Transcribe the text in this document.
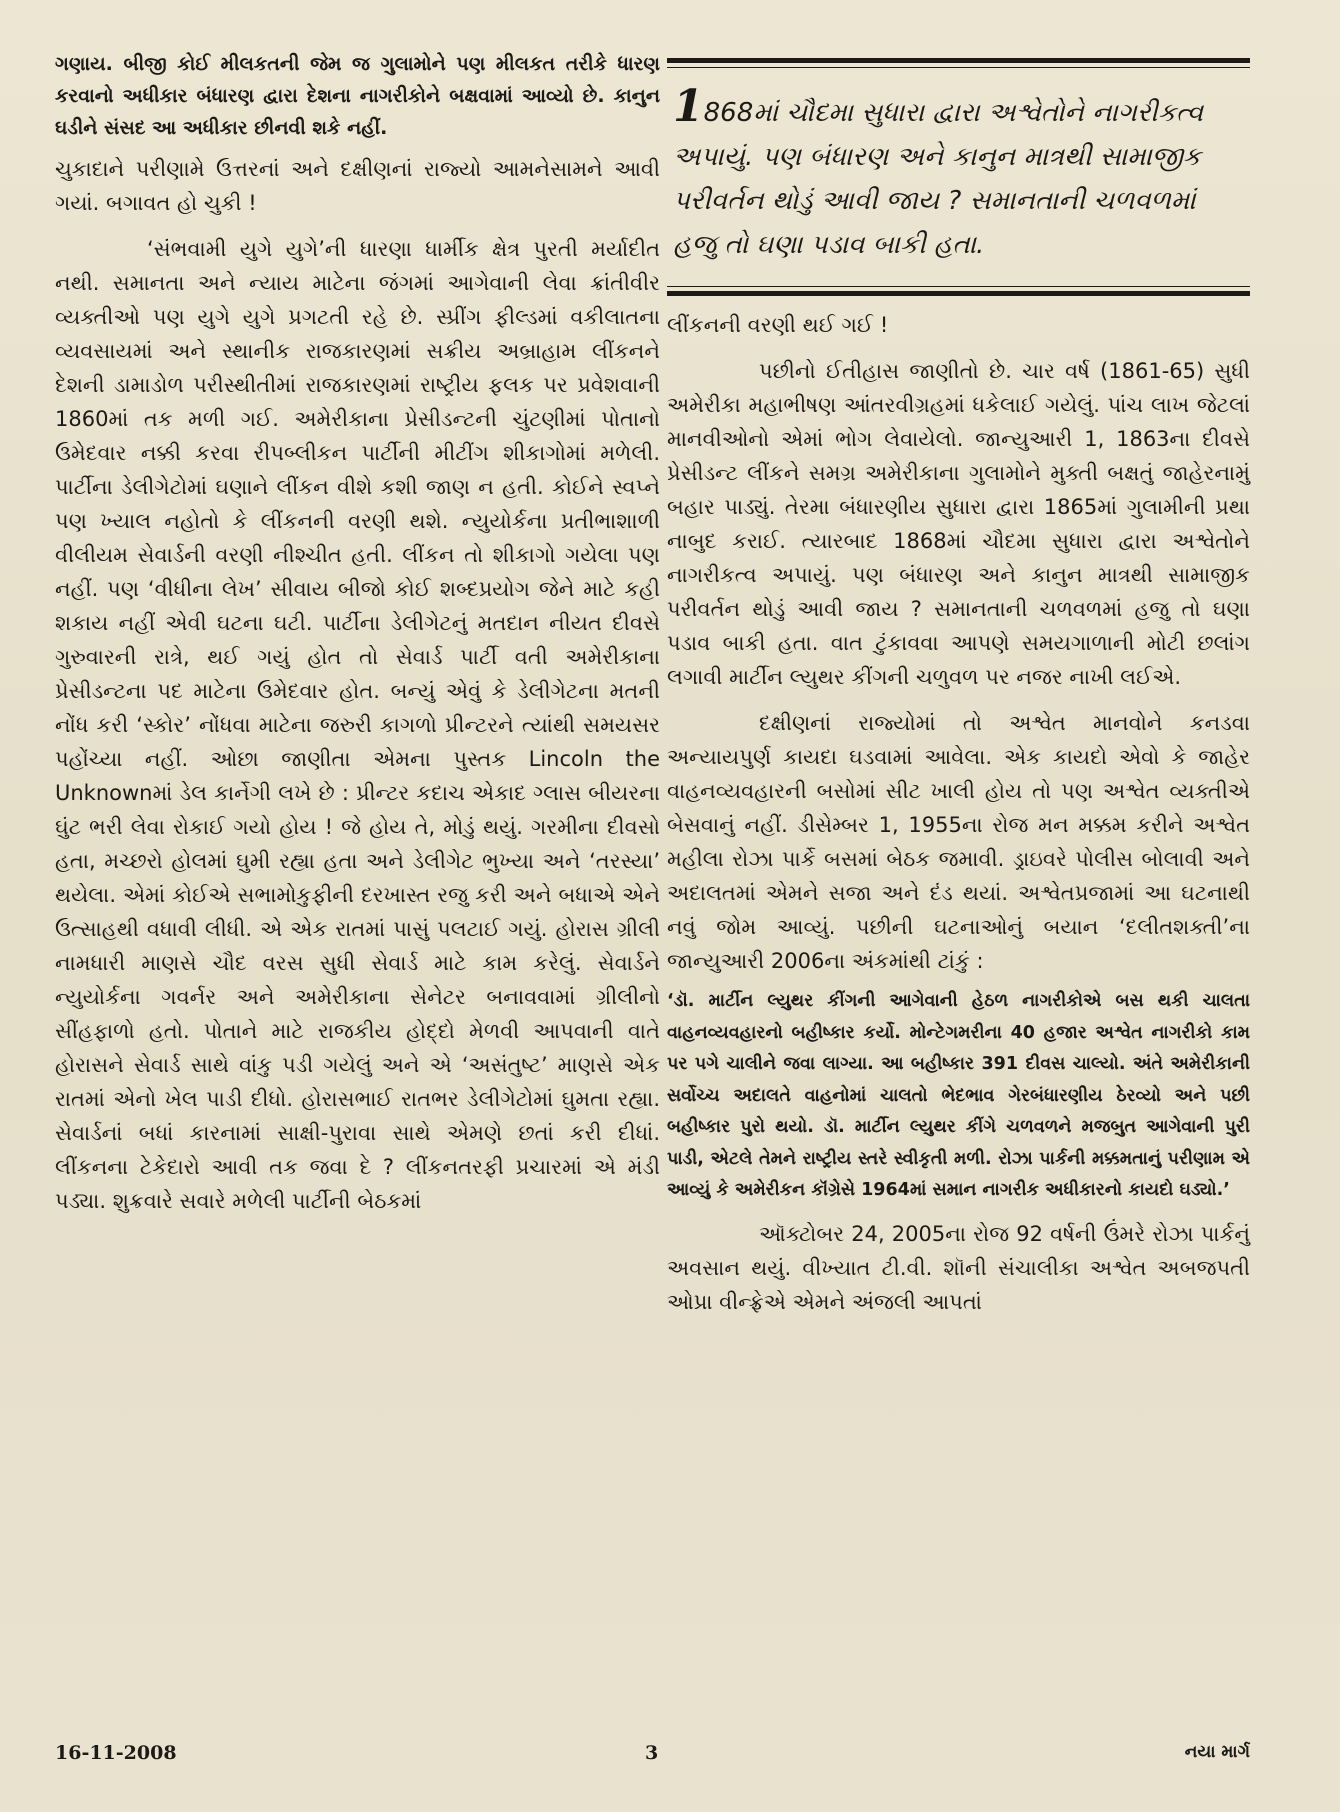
ગણાય. બીજી કોઈ મીલકતની જેમ જ ગુલામોને પણ મીલકત તરીકે ધારણ કરવાનો અધીકાર બંધારણ દ્વારા દેશના નાગરીકોને બક્ષવામાં આવ્યો છે. કાનુન ઘડીને સંસદ આ અધીકાર છીનવી શકે નહીં.

ચુકાદાને પરીણામે ઉત્તરનાં અને દક્ષીણનાં રાજ્યો આમનેસામને આવી ગયાં. બગાવત હો ચુકી !

‘સંભવામી યુગે યુગે’ની ધારણા ધાર્મીક ક્ષેત્ર પુરતી મર્યાદીત નથી. સમાનતા અને ન્યાય માટેના જંગમાં આગેવાની લેવા ક્રાંતીવીર વ્યક્તીઓ પણ યુગે યુગે પ્રગટતી રહે છે. સ્પ્રીંગ ફીલ્ડમાં વકીલાતના વ્યવસાયમાં અને સ્થાનીક રાજકારણમાં સક્રીય અબ્રાહામ લીંકનને દેશની ડામાડોળ પરીસ્થીતીમાં રાજકારણમાં રાષ્ટ્રીય ફલક પર પ્રવેશવાની 1860માં તક મળી ગઈ. અમેરીકાના પ્રેસીડન્ટની ચુંટણીમાં પોતાનો ઉમેદવાર નક્કી કરવા રીપબ્લીકન પાર્ટીની મીટીંગ શીકાગોમાં મળેલી. પાર્ટીના ડેલીગેટોમાં ઘણાને લીંકન વીશે કશી જાણ ન હતી. કોઈને સ્વપ્ને પણ ખ્યાલ નહોતો કે લીંકનની વરણી થશે. ન્યુયોર્કના પ્રતીભાશાળી વીલીયમ સેવાર્ડની વરણી નીશ્ચીત હતી. લીંકન તો શીકાગો ગયેલા પણ નહીં. પણ ‘વીધીના લેખ’ સીવાય બીજો કોઈ શબ્દપ્રયોગ જેને માટે કહી શકાય નહીં એવી ઘટના ઘટી. પાર્ટીના ડેલીગેટનું મતદાન નીયત દીવસે ગુરુવારની રાત્રે, થઈ ગયું હોત તો સેવાર્ડ પાર્ટી વતી અમેરીકાના પ્રેસીડન્ટના પદ માટેના ઉમેદવાર હોત. બન્યું એવું કે ડેલીગેટના મતની નોંધ કરી ‘સ્કોર’ નોંધવા માટેના જરુરી કાગળો પ્રીન્ટરને ત્યાંથી સમયસર પહોંચ્યા નહીં. ઓછા જાણીતા એમના પુસ્તક Lincoln the Unknownમાં ડેલ કાર્નેગી લખે છે : પ્રીન્ટર કદાચ એકાદ ગ્લાસ બીયરના ઘુંટ ભરી લેવા રોકાઈ ગયો હોય ! જે હોય તે, મોડું થયું. ગરમીના દીવસો હતા, મચ્છરો હોલમાં ઘુમી રહ્યા હતા અને ડેલીગેટ ભુખ્યા અને ‘તરસ્યા’ થયેલા. એમાં કોઈએ સભામોકુફીની દરખાસ્ત રજુ કરી અને બધાએ એને ઉત્સાહથી વધાવી લીધી. એ એક રાતમાં પાસું પલટાઈ ગયું. હોરાસ ગ્રીલી નામધારી માણસે ચૌદ વરસ સુધી સેવાર્ડ માટે કામ કરેલું. સેવાર્ડને ન્યુયોર્કના ગવર્નર અને અમેરીકાના સેનેટર બનાવવામાં ગ્રીલીનો સીંહફાળો હતો. પોતાને માટે રાજકીય હોદ્દો મેળવી આપવાની વાતે હોરાસને સેવાર્ડ સાથે વાંકુ પડી ગયેલું અને એ ‘અસંતુષ્ટ’ માણસે એક રાતમાં એનો ખેલ પાડી દીધો. હોરાસભાઈ રાતભર ડેલીગેટોમાં ઘુમતા રહ્યા. સેવાર્ડનાં બધાં કારનામાં સાક્ષી-પુરાવા સાથે એમણે છતાં કરી દીધાં. લીંકનના ટેકેદારો આવી તક જવા દે ? લીંકનતરફી પ્રચારમાં એ મંડી પડ્યા. શુક્રવારે સવારે મળેલી પાર્ટીની બેઠકમાં

1868માં ચૌદમા સુધારા દ્વારા અશ્વેતોને નાગરીકત્વ અપાયું. પણ બંધારણ અને કાનુન માત્રથી સામાજીક પરીવર્તન થોડું આવી જાય ? સમાનતાની ચળવળમાં હજુ તો ઘણા પડાવ બાકી હતા.

લીંકનની વરણી થઈ ગઈ !

પછીનો ઈતીહાસ જાણીતો છે. ચાર વર્ષ (1861-65) સુધી અમેરીકા મહાભીષણ આંતરવીગ્રહમાં ધકેલાઈ ગયેલું. પાંચ લાખ જેટલાં માનવીઓનો એમાં ભોગ લેવાયેલો. જાન્યુઆરી 1, 1863ના દીવસે પ્રેસીડન્ટ લીંકને સમગ્ર અમેરીકાના ગુલામોને મુક્તી બક્ષતું જાહેરનામું બહાર પાડ્યું. તેરમા બંધારણીય સુધારા દ્વારા 1865માં ગુલામીની પ્રથા નાબુદ કરાઈ. ત્યારબાદ 1868માં ચૌદમા સુધારા દ્વારા અશ્વેતોને નાગરીકત્વ અપાયું. પણ બંધારણ અને કાનુન માત્રથી સામાજીક પરીવર્તન થોડું આવી જાય ? સમાનતાની ચળવળમાં હજુ તો ઘણા પડાવ બાકી હતા. વાત ટુંકાવવા આપણે સમયગાળાની મોટી છલાંગ લગાવી માર્ટીન લ્યુથર કીંગની ચળુવળ પર નજર નાખી લઈએ.

દક્ષીણનાં રાજ્યોમાં તો અશ્વેત માનવોને કનડવા અન્યાયપુર્ણ કાયદા ઘડવામાં આવેલા. એક કાયદો એવો કે જાહેર વાહનવ્યવહારની બસોમાં સીટ ખાલી હોય તો પણ અશ્વેત વ્યક્તીએ બેસવાનું નહીં. ડીસેમ્બર 1, 1955ના રોજ મન મક્કમ કરીને અશ્વેત મહીલા રોઝા પાર્કે બસમાં બેઠક જમાવી. ડ્રાઇવરે પોલીસ બોલાવી અને અદાલતમાં એમને સજા અને દંડ થયાં. અશ્વેતપ્રજામાં આ ઘટનાથી નવું જોમ આવ્યું. પછીની ઘટનાઓનું બયાન ‘દલીતશક્તી’ના જાન્યુઆરી 2006ના અંકમાંથી ટાંકું :

‘ડૉ. માર્ટીન લ્યુથર કીંગની આગેવાની હેઠળ નાગરીકોએ બસ થકી ચાલતા વાહનવ્યવહારનો બહીષ્કાર કર્યો. મોન્ટેગમરીના 40 હજાર અશ્વેત નાગરીકો કામ પર પગે ચાલીને જવા લાગ્યા. આ બહીષ્કાર 391 દીવસ ચાલ્યો. અંતે અમેરીકાની સર્વોચ્ચ અદાલતે વાહનોમાં ચાલતો ભેદભાવ ગેરબંધારણીય ઠેરવ્યો અને પછી બહીષ્કાર પુરો થયો. ડૉ. માર્ટીન લ્યુથર કીંગે ચળવળને મજબુત આગેવાની પુરી પાડી, એટલે તેમને રાષ્ટ્રીય સ્તરે સ્વીકૃતી મળી. રોઝા પાર્કની મક્કમતાનું પરીણામ એ આવ્યું કે અમેરીકન કૉંગ્રેસે 1964માં સમાન નાગરીક અધીકારનો કાયદો ઘડ્યો.’

ઑક્ટોબર 24, 2005ના રોજ 92 વર્ષની ઉંમરે રોઝા પાર્કનું અવસાન થયું. વીખ્યાત ટી.વી. શૉની સંચાલીકા અશ્વેત અબજપતી ઓપ્રા વીન્ફ્રેએ એમને અંજલી આપતાં

16-11-2008	3	નયા માર્ગ
